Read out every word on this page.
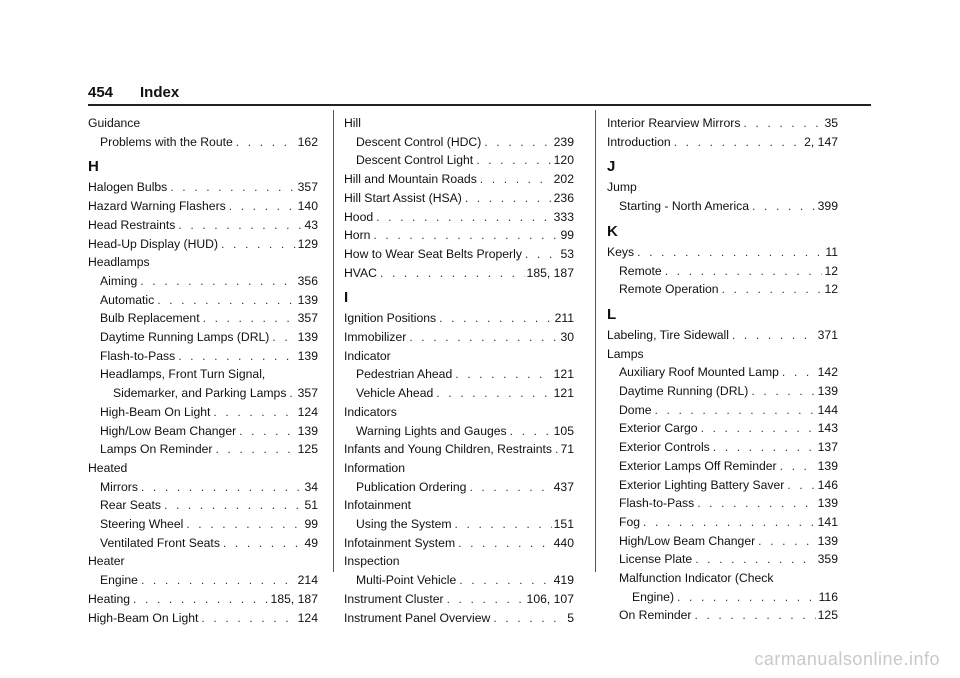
454	Index
Guidance
Problems with the Route . . .	162
H
Halogen Bulbs . . .	357
Hazard Warning Flashers . . .	140
Head Restraints . . .	43
Head-Up Display (HUD) . . .	129
Headlamps
Aiming . . .	356
Automatic . . .	139
Bulb Replacement . . .	357
Daytime Running Lamps (DRL) . . . 139
Flash-to-Pass . . .	139
Headlamps, Front Turn Signal,
Sidemarker, and Parking Lamps . . . 357
High-Beam On Light . . .	124
High/Low Beam Changer . . .	139
Lamps On Reminder . . .	125
Heated
Mirrors . . .	34
Rear Seats . . .	51
Steering Wheel . . .	99
Ventilated Front Seats . . .	49
Heater
Engine . . .	214
Heating . . .	185, 187
High-Beam On Light . . .	124
Hill
Descent Control (HDC) . . .	239
Descent Control Light . . .	120
Hill and Mountain Roads . . .	202
Hill Start Assist (HSA) . . .	236
Hood . . .	333
Horn . . .	99
How to Wear Seat Belts Properly . . .	53
HVAC . . .	185, 187
I
Ignition Positions . . .	211
Immobilizer . . .	30
Indicator
Pedestrian Ahead . . .	121
Vehicle Ahead . . .	121
Indicators
Warning Lights and Gauges . . .	105
Infants and Young Children, Restraints . . . 71
Information
Publication Ordering . . .	437
Infotainment
Using the System . . .	151
Infotainment System . . .	440
Inspection
Multi-Point Vehicle . . .	419
Instrument Cluster . . .	106, 107
Instrument Panel Overview . . .	5
Interior Rearview Mirrors . . .	35
Introduction . . .	2, 147
J
Jump
Starting - North America . . .	399
K
Keys . . .	11
Remote . . .	12
Remote Operation . . .	12
L
Labeling, Tire Sidewall . . .	371
Lamps
Auxiliary Roof Mounted Lamp . . .	142
Daytime Running (DRL) . . .	139
Dome . . .	144
Exterior Cargo . . .	143
Exterior Controls . . .	137
Exterior Lamps Off Reminder . . .	139
Exterior Lighting Battery Saver . . .	146
Flash-to-Pass . . .	139
Fog . . .	141
High/Low Beam Changer . . .	139
License Plate . . .	359
Malfunction Indicator (Check
Engine) . . .	116
On Reminder . . .	125
carmanualsonline.info
